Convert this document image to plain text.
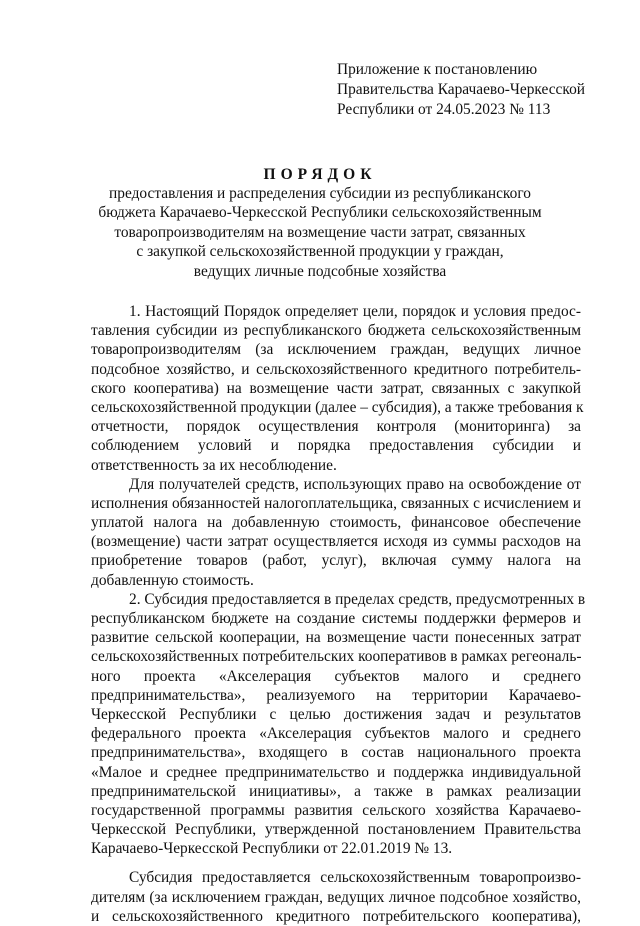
Приложение к постановлению
Правительства Карачаево-Черкесской
Республики от 24.05.2023 № 113
ПОРЯДОК
предоставления и распределения субсидии из республиканского
бюджета Карачаево-Черкесской Республики сельскохозяйственным
товаропроизводителям на возмещение части затрат, связанных
с закупкой сельскохозяйственной продукции у граждан,
ведущих личные подсобные хозяйства
1. Настоящий Порядок определяет цели, порядок и условия предос-
тавления субсидии из республиканского бюджета сельскохозяйственным
товаропроизводителям (за исключением граждан, ведущих личное
подсобное хозяйство, и сельскохозяйственного кредитного потребитель-
ского кооператива) на возмещение части затрат, связанных с закупкой
сельскохозяйственной продукции (далее – субсидия), а также требования к
отчетности, порядок осуществления контроля (мониторинга) за
соблюдением условий и порядка предоставления субсидии и
ответственность за их несоблюдение.
Для получателей средств, использующих право на освобождение от
исполнения обязанностей налогоплательщика, связанных с исчислением и
уплатой налога на добавленную стоимость, финансовое обеспечение
(возмещение) части затрат осуществляется исходя из суммы расходов на
приобретение товаров (работ, услуг), включая сумму налога на
добавленную стоимость.
2. Субсидия предоставляется в пределах средств, предусмотренных в
республиканском бюджете на создание системы поддержки фермеров и
развитие сельской кооперации, на возмещение части понесенных затрат
сельскохозяйственных потребительских кооперативов в рамках регеональ-
ного проекта «Акселерация субъектов малого и среднего
предпринимательства», реализуемого на территории Карачаево-
Черкесской Республики с целью достижения задач и результатов
федерального проекта «Акселерация субъектов малого и среднего
предпринимательства», входящего в состав национального проекта
«Малое и среднее предпринимательство и поддержка индивидуальной
предпринимательской инициативы», а также в рамках реализации
государственной программы развития сельского хозяйства Карачаево-
Черкесской Республики, утвержденной постановлением Правительства
Карачаево-Черкесской Республики от 22.01.2019 № 13.
Субсидия предоставляется сельскохозяйственным товаропроизво-
дителям (за исключением граждан, ведущих личное подсобное хозяйство,
и сельскохозяйственного кредитного потребительского кооператива),
